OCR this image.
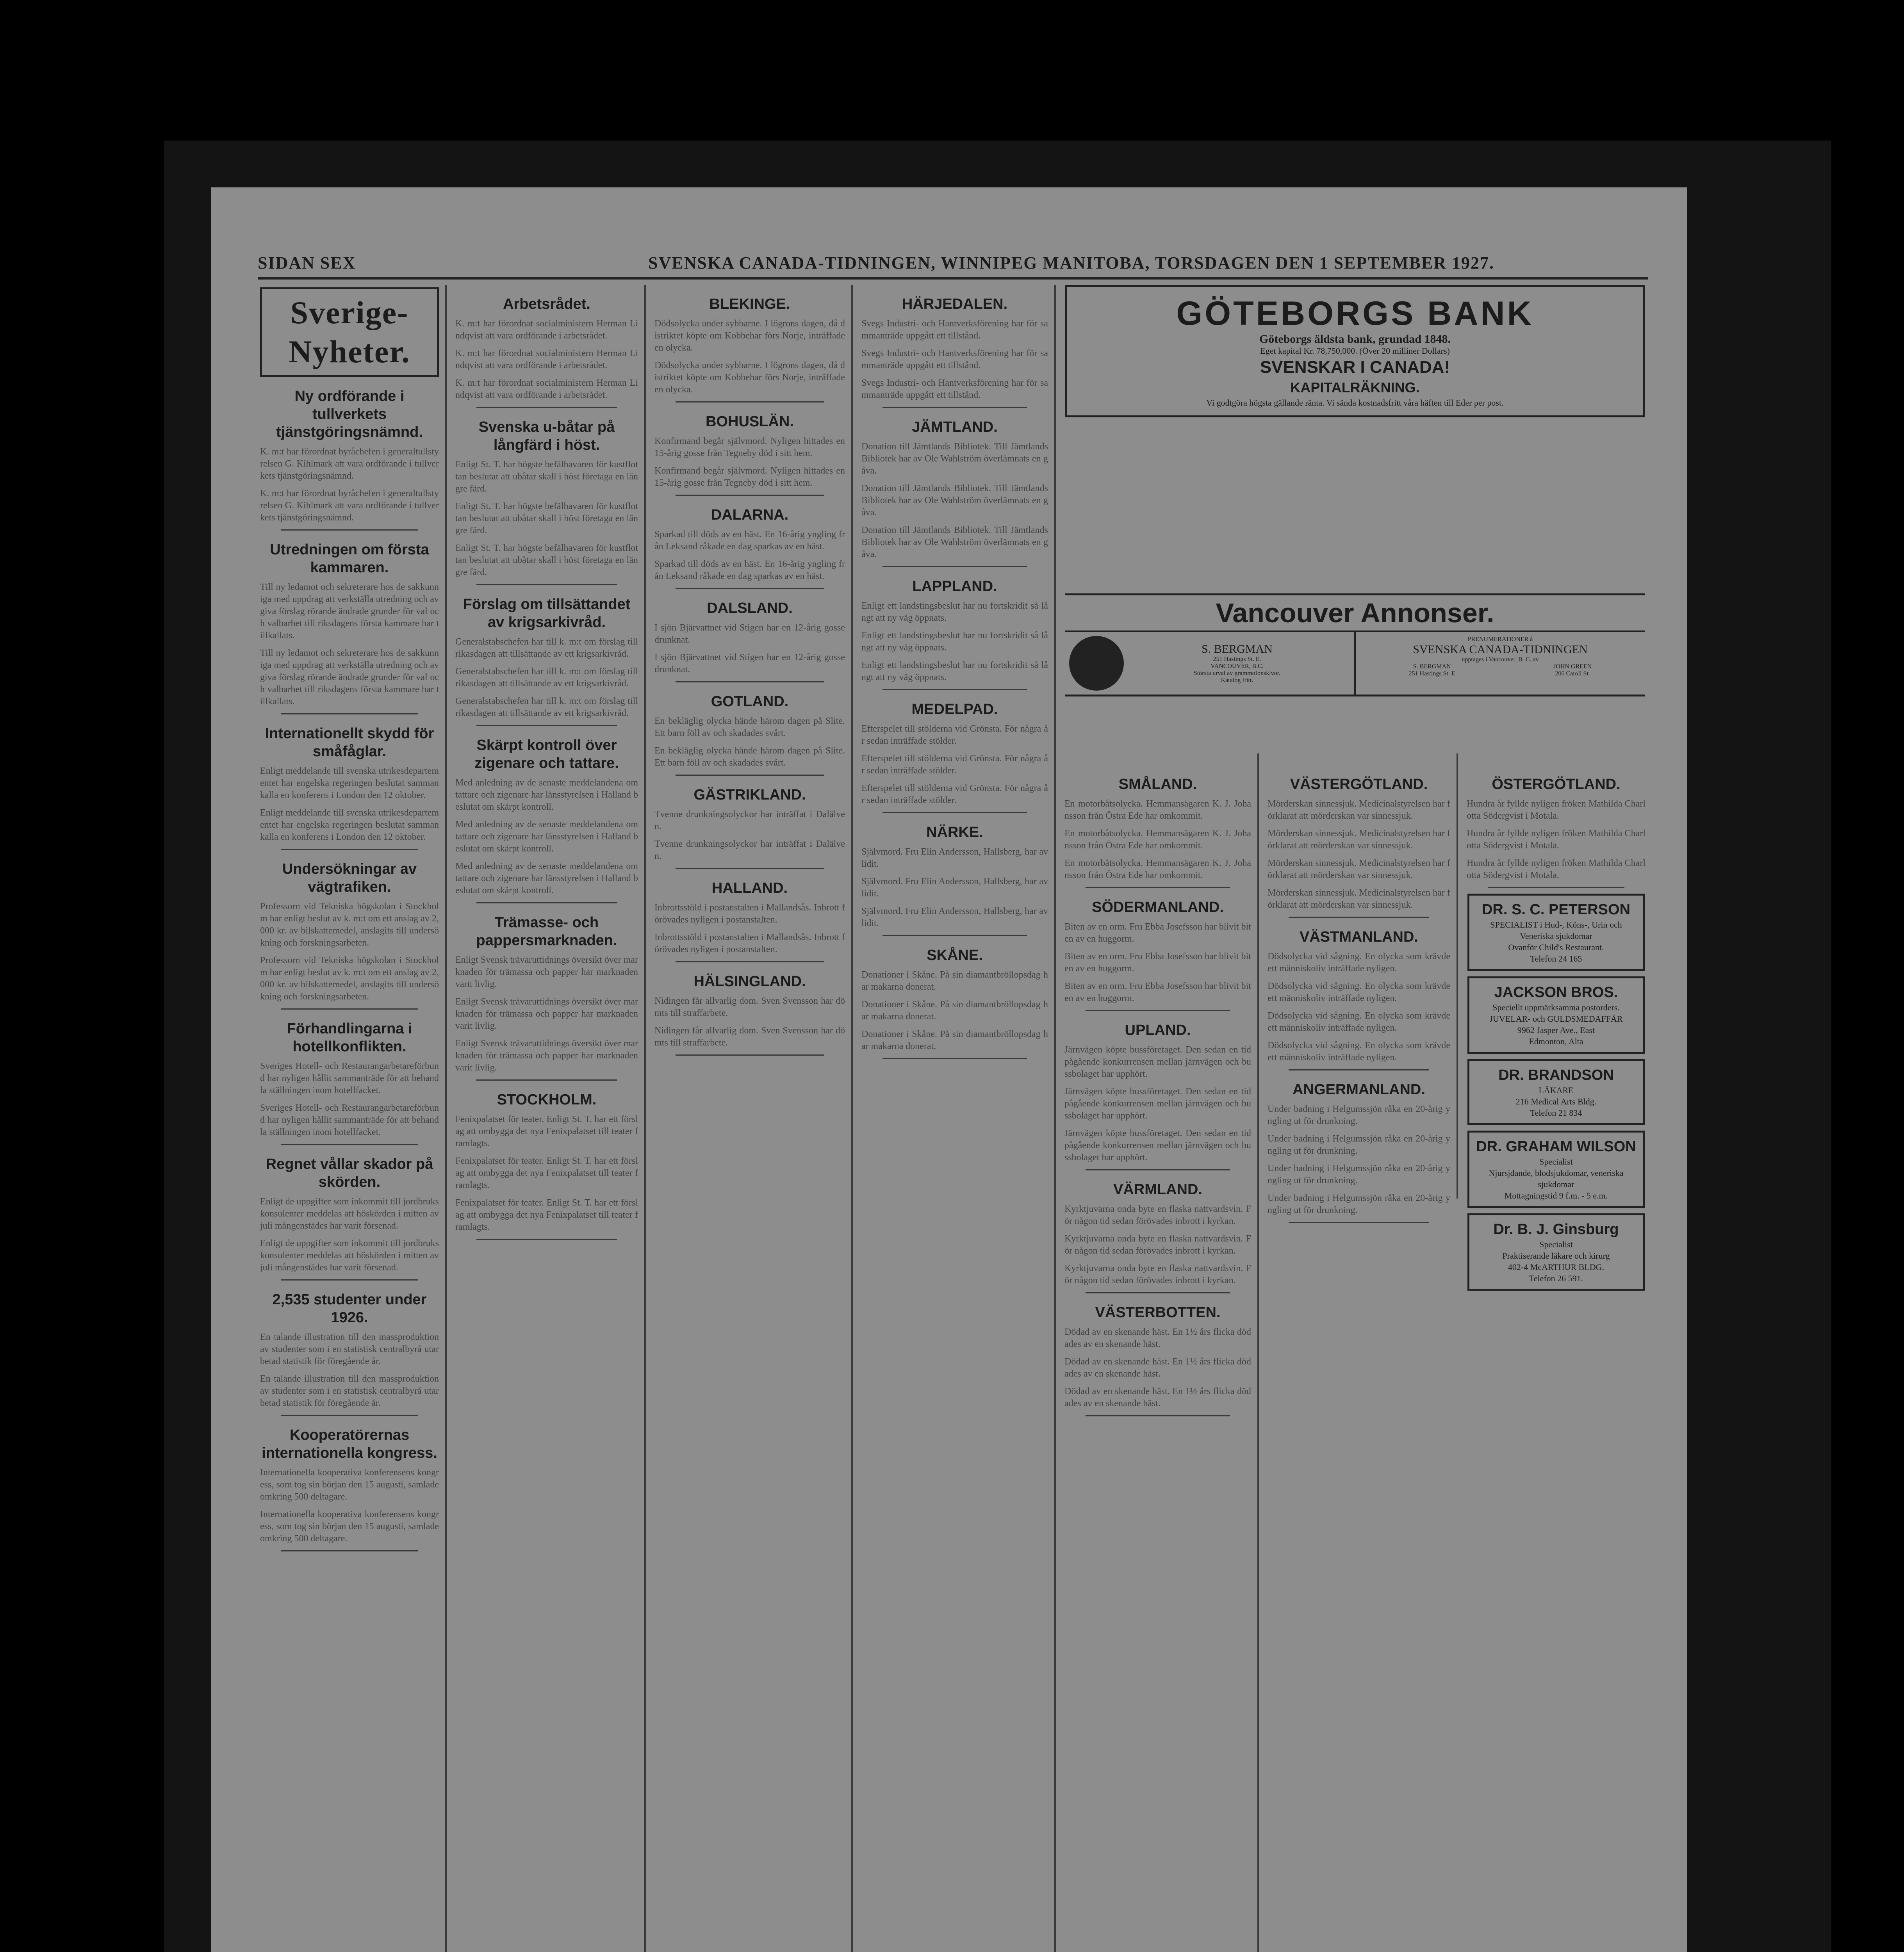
SIDAN SEX	SVENSKA CANADA-TIDNINGEN, WINNIPEG MANITOBA, TORSDAGEN DEN 1 SEPTEMBER 1927.
Sverige-Nyheter.
Ny ordförande i tullverkets tjänstgöringsnämnd.
K. m:t har förordnat byråchefen i generaltullstyrelsen G. Kihlmark att vara ordförande i tullverkets tjänstgöringsnämnd.
K. m:t har förordnat byråchefen i generaltullstyrelsen G. Kihlmark att vara ordförande i tullverkets tjänstgöringsnämnd.
Utredningen om första kammaren.
Till ny ledamot och sekreterare hos de sakkunniga med uppdrag att verkställa utredning och avgiva förslag rörande ändrade grunder för val och valbarhet till riksdagens första kammare har tillkallats.
Till ny ledamot och sekreterare hos de sakkunniga med uppdrag att verkställa utredning och avgiva förslag rörande ändrade grunder för val och valbarhet till riksdagens första kammare har tillkallats.
Internationellt skydd för småfåglar.
Enligt meddelande till svenska utrikesdepartementet har engelska regeringen beslutat sammankalla en konferens i London den 12 oktober.
Enligt meddelande till svenska utrikesdepartementet har engelska regeringen beslutat sammankalla en konferens i London den 12 oktober.
Undersökningar av vägtrafiken.
Professorn vid Tekniska högskolan i Stockholm har enligt beslut av k. m:t om ett anslag av 2,000 kr. av bilskattemedel, anslagits till undersökning och forskningsarbeten.
Professorn vid Tekniska högskolan i Stockholm har enligt beslut av k. m:t om ett anslag av 2,000 kr. av bilskattemedel, anslagits till undersökning och forskningsarbeten.
Förhandlingarna i hotellkonflikten.
Sveriges Hotell- och Restaurangarbetareförbund har nyligen hållit sammanträde för att behandla ställningen inom hotellfacket.
Sveriges Hotell- och Restaurangarbetareförbund har nyligen hållit sammanträde för att behandla ställningen inom hotellfacket.
Regnet vållar skador på skörden.
Enligt de uppgifter som inkommit till jordbrukskonsulenter meddelas att höskörden i mitten av juli mångenstädes har varit försenad.
Enligt de uppgifter som inkommit till jordbrukskonsulenter meddelas att höskörden i mitten av juli mångenstädes har varit försenad.
2,535 studenter under 1926.
En talande illustration till den massproduktion av studenter som i en statistisk centralbyrå utarbetad statistik för föregående år.
En talande illustration till den massproduktion av studenter som i en statistisk centralbyrå utarbetad statistik för föregående år.
Kooperatörernas internationella kongress.
Internationella kooperativa konferensens kongress, som tog sin början den 15 augusti, samlade omkring 500 deltagare.
Internationella kooperativa konferensens kongress, som tog sin början den 15 augusti, samlade omkring 500 deltagare.
Arbetsrådet.
K. m:t har förordnat socialministern Herman Lindqvist att vara ordförande i arbetsrådet.
K. m:t har förordnat socialministern Herman Lindqvist att vara ordförande i arbetsrådet.
K. m:t har förordnat socialministern Herman Lindqvist att vara ordförande i arbetsrådet.
Svenska u-båtar på långfärd i höst.
Enligt St. T. har högste befälhavaren för kustflottan beslutat att ubåtar skall i höst företaga en längre färd.
Enligt St. T. har högste befälhavaren för kustflottan beslutat att ubåtar skall i höst företaga en längre färd.
Enligt St. T. har högste befälhavaren för kustflottan beslutat att ubåtar skall i höst företaga en längre färd.
Förslag om tillsättandet av krigsarkivråd.
Generalstabschefen har till k. m:t om förslag till rikasdagen att tillsättande av ett krigsarkivråd.
Generalstabschefen har till k. m:t om förslag till rikasdagen att tillsättande av ett krigsarkivråd.
Generalstabschefen har till k. m:t om förslag till rikasdagen att tillsättande av ett krigsarkivråd.
Skärpt kontroll över zigenare och tattare.
Med anledning av de senaste meddelandena om tattare och zigenare har länsstyrelsen i Halland beslutat om skärpt kontroll.
Med anledning av de senaste meddelandena om tattare och zigenare har länsstyrelsen i Halland beslutat om skärpt kontroll.
Med anledning av de senaste meddelandena om tattare och zigenare har länsstyrelsen i Halland beslutat om skärpt kontroll.
Trämasse- och pappersmarknaden.
Enligt Svensk trävaruttidnings översikt över marknaden för trämassa och papper har marknaden varit livlig.
Enligt Svensk trävaruttidnings översikt över marknaden för trämassa och papper har marknaden varit livlig.
Enligt Svensk trävaruttidnings översikt över marknaden för trämassa och papper har marknaden varit livlig.
STOCKHOLM.
Fenixpalatset för teater. Enligt St. T. har ett förslag att ombygga det nya Fenixpalatset till teater framlagts.
Fenixpalatset för teater. Enligt St. T. har ett förslag att ombygga det nya Fenixpalatset till teater framlagts.
Fenixpalatset för teater. Enligt St. T. har ett förslag att ombygga det nya Fenixpalatset till teater framlagts.
BLEKINGE.
Dödsolycka under sybbarne. I lögrons dagen, då distriktet köpte om Kobbehar förs Norje, inträffade en olycka.
Dödsolycka under sybbarne. I lögrons dagen, då distriktet köpte om Kobbehar förs Norje, inträffade en olycka.
BOHUSLÄN.
Konfirmand begår självmord. Nyligen hittades en 15-årig gosse från Tegneby död i sitt hem.
Konfirmand begår självmord. Nyligen hittades en 15-årig gosse från Tegneby död i sitt hem.
DALARNA.
Sparkad till döds av en häst. En 16-årig yngling från Leksand råkade en dag sparkas av en häst.
Sparkad till döds av en häst. En 16-årig yngling från Leksand råkade en dag sparkas av en häst.
DALSLAND.
I sjön Bjärvattnet vid Stigen har en 12-årig gosse drunknat.
I sjön Bjärvattnet vid Stigen har en 12-årig gosse drunknat.
GOTLAND.
En bekläglig olycka hände härom dagen på Slite. Ett barn föll av och skadades svårt.
En bekläglig olycka hände härom dagen på Slite. Ett barn föll av och skadades svårt.
GÄSTRIKLAND.
Tvenne drunkningsolyckor har inträffat i Dalälven.
Tvenne drunkningsolyckor har inträffat i Dalälven.
HALLAND.
Inbrottsstöld i postanstalten i Mallandsås. Inbrott förövades nyligen i postanstalten.
Inbrottsstöld i postanstalten i Mallandsås. Inbrott förövades nyligen i postanstalten.
HÄLSINGLAND.
Nidingen får allvarlig dom. Sven Svensson har dömts till straffarbete.
Nidingen får allvarlig dom. Sven Svensson har dömts till straffarbete.
HÄRJEDALEN.
Svegs Industri- och Hantverksförening har för sammanträde uppgått ett tillstånd.
Svegs Industri- och Hantverksförening har för sammanträde uppgått ett tillstånd.
Svegs Industri- och Hantverksförening har för sammanträde uppgått ett tillstånd.
JÄMTLAND.
Donation till Jämtlands Bibliotek. Till Jämtlands Bibliotek har av Ole Wahlström överlämnats en gåva.
Donation till Jämtlands Bibliotek. Till Jämtlands Bibliotek har av Ole Wahlström överlämnats en gåva.
Donation till Jämtlands Bibliotek. Till Jämtlands Bibliotek har av Ole Wahlström överlämnats en gåva.
LAPPLAND.
Enligt ett landstingsbeslut har nu fortskridit så långt att ny väg öppnats.
Enligt ett landstingsbeslut har nu fortskridit så långt att ny väg öppnats.
Enligt ett landstingsbeslut har nu fortskridit så långt att ny väg öppnats.
MEDELPAD.
Efterspelet till stölderna vid Grönsta. För några år sedan inträffade stölder.
Efterspelet till stölderna vid Grönsta. För några år sedan inträffade stölder.
Efterspelet till stölderna vid Grönsta. För några år sedan inträffade stölder.
NÄRKE.
Självmord. Fru Elin Andersson, Hallsberg, har avlidit.
Självmord. Fru Elin Andersson, Hallsberg, har avlidit.
Självmord. Fru Elin Andersson, Hallsberg, har avlidit.
SKÅNE.
Donationer i Skåne. På sin diamantbröllopsdag har makarna donerat.
Donationer i Skåne. På sin diamantbröllopsdag har makarna donerat.
Donationer i Skåne. På sin diamantbröllopsdag har makarna donerat.
GÖTEBORGS BANK
Göteborgs äldsta bank, grundad 1848.
Eget kapital Kr. 78,750,000. (Över 20 milliner Dollars)
SVENSKAR I CANADA!
KAPITALRÄKNING.
Vi godtgöra högsta gällande ränta. Vi sända kostnadsfritt våra häften till Eder per post.
Vancouver Annonser.
S. BERGMAN
251 Hastings St. E.
VANCOUVER, B.C.
Största urval av grammofonskivor.
Katalog fritt.
PRENUMERATIONER å
SVENSKA CANADA-TIDNINGEN
upptages i Vancouver, B. C. av
S. BERGMAN
251 Hastings St. E
JOHN GREEN
206 Caroll St.
SMÅLAND.
En motorbåtsolycka. Hemmansägaren K. J. Johansson från Östra Ede har omkommit.
En motorbåtsolycka. Hemmansägaren K. J. Johansson från Östra Ede har omkommit.
En motorbåtsolycka. Hemmansägaren K. J. Johansson från Östra Ede har omkommit.
SÖDERMANLAND.
Biten av en orm. Fru Ebba Josefsson har blivit biten av en huggorm.
Biten av en orm. Fru Ebba Josefsson har blivit biten av en huggorm.
Biten av en orm. Fru Ebba Josefsson har blivit biten av en huggorm.
UPLAND.
Järnvägen köpte bussföretaget. Den sedan en tid pågående konkurrensen mellan järnvägen och bussbolaget har upphört.
Järnvägen köpte bussföretaget. Den sedan en tid pågående konkurrensen mellan järnvägen och bussbolaget har upphört.
Järnvägen köpte bussföretaget. Den sedan en tid pågående konkurrensen mellan järnvägen och bussbolaget har upphört.
VÄRMLAND.
Kyrktjuvarna onda byte en flaska nattvardsvin. För någon tid sedan förövades inbrott i kyrkan.
Kyrktjuvarna onda byte en flaska nattvardsvin. För någon tid sedan förövades inbrott i kyrkan.
Kyrktjuvarna onda byte en flaska nattvardsvin. För någon tid sedan förövades inbrott i kyrkan.
VÄSTERBOTTEN.
Dödad av en skenande häst. En 1½ års flicka dödades av en skenande häst.
Dödad av en skenande häst. En 1½ års flicka dödades av en skenande häst.
Dödad av en skenande häst. En 1½ års flicka dödades av en skenande häst.
VÄSTERGÖTLAND.
Mörderskan sinnessjuk. Medicinalstyrelsen har förklarat att mörderskan var sinnessjuk.
Mörderskan sinnessjuk. Medicinalstyrelsen har förklarat att mörderskan var sinnessjuk.
Mörderskan sinnessjuk. Medicinalstyrelsen har förklarat att mörderskan var sinnessjuk.
Mörderskan sinnessjuk. Medicinalstyrelsen har förklarat att mörderskan var sinnessjuk.
VÄSTMANLAND.
Dödsolycka vid sågning. En olycka som krävde ett människoliv inträffade nyligen.
Dödsolycka vid sågning. En olycka som krävde ett människoliv inträffade nyligen.
Dödsolycka vid sågning. En olycka som krävde ett människoliv inträffade nyligen.
Dödsolycka vid sågning. En olycka som krävde ett människoliv inträffade nyligen.
ANGERMANLAND.
Under badning i Helgumssjön råka en 20-årig yngling ut för drunkning.
Under badning i Helgumssjön råka en 20-årig yngling ut för drunkning.
Under badning i Helgumssjön råka en 20-årig yngling ut för drunkning.
Under badning i Helgumssjön råka en 20-årig yngling ut för drunkning.
ÖSTERGÖTLAND.
Hundra år fyllde nyligen fröken Mathilda Charlotta Södergvist i Motala.
Hundra år fyllde nyligen fröken Mathilda Charlotta Södergvist i Motala.
Hundra år fyllde nyligen fröken Mathilda Charlotta Södergvist i Motala.
DR. S. C. PETERSON
SPECIALIST i Hud-, Köns-, Urin och Veneriska sjukdomar
Ovanför Child's Restaurant.
Telefon 24 165
JACKSON BROS.
Speciellt uppmärksamma postorders.
JUVELAR- och GULDSMEDAFFÄR
9962 Jasper Ave., East
Edmonton, Alta
DR. BRANDSON
LÄKARE
216 Medical Arts Bldg.
Telefon 21 834
DR. GRAHAM WILSON
Specialist
Njursjdande, blodsjukdomar, veneriska sjukdomar
Mottagningstid 9 f.m. - 5 e.m.
Dr. B. J. Ginsburg
Specialist
Praktiserande läkare och kirurg
402-4 McARTHUR BLDG.
Telefon 26 591.
